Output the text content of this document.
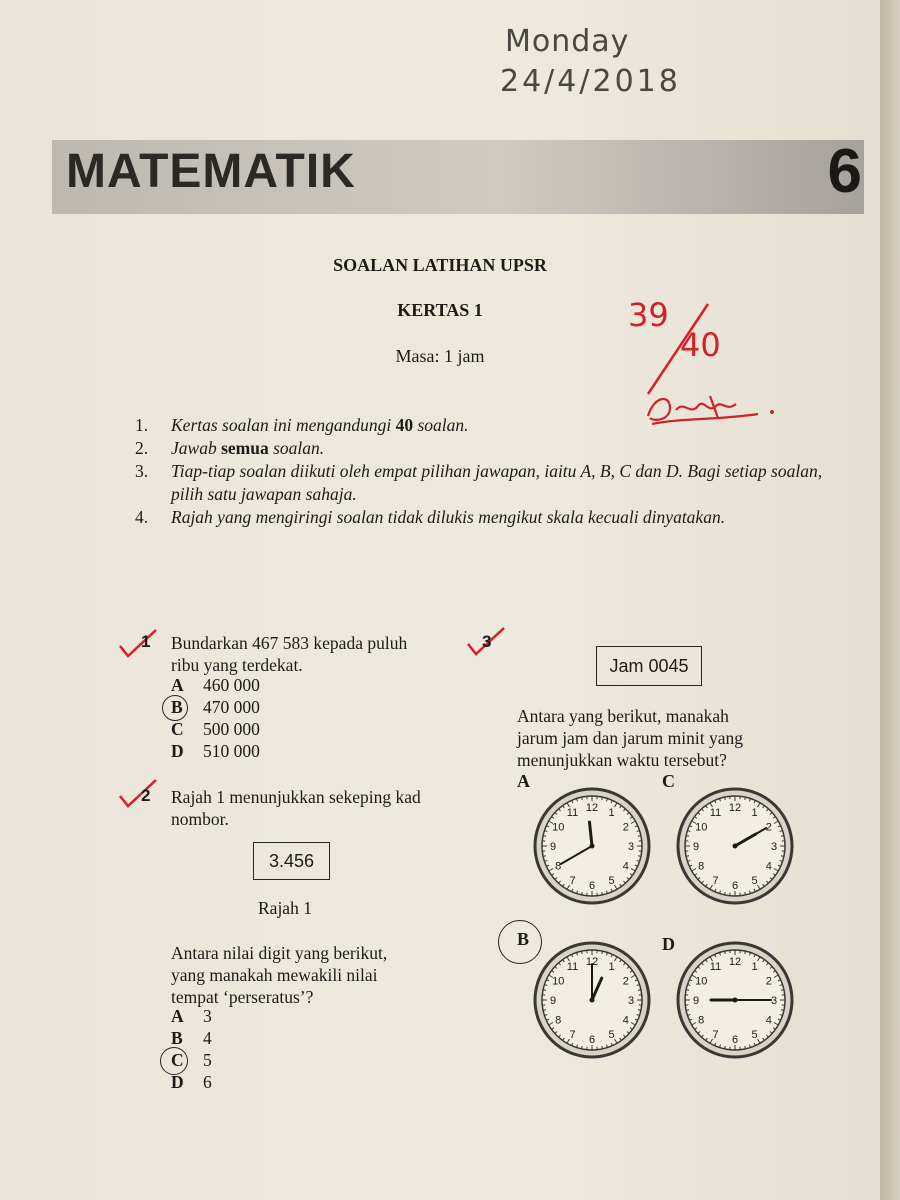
Monday
24/4/2018
MATEMATIK	6
SOALAN LATIHAN UPSR
KERTAS 1
Masa: 1 jam
39
40
1.	Kertas soalan ini mengandungi 40 soalan.
2.	Jawab semua soalan.
3.	Tiap-tiap soalan diikuti oleh empat pilihan jawapan, iaitu A, B, C dan D. Bagi setiap soalan, pilih satu jawapan sahaja.
4.	Rajah yang mengiringi soalan tidak dilukis mengikut skala kecuali dinyatakan.
1 Bundarkan 467 583 kepada puluh
ribu yang terdekat.
A 460 000
B 470 000
C 500 000
D 510 000
2 Rajah 1 menunjukkan sekeping kad
nombor.
3.456
Rajah 1
Antara nilai digit yang berikut,
yang manakah mewakili nilai
tempat ‘perseratus’?
A 3
B 4
C 5
D 6
3
Jam 0045
Antara yang berikut, manakah
jarum jam dan jarum minit yang
menunjukkan waktu tersebut?
A	C
B	D
1
2
3
4
5
6
7
8
9
10
11 12	1
2
3
4
5
6
7
8
9
10
11 12
1
2
3
4
5
6
7
8
9
10
11 12	1
2
3
4
5
6
7
8
9
10
11 12
